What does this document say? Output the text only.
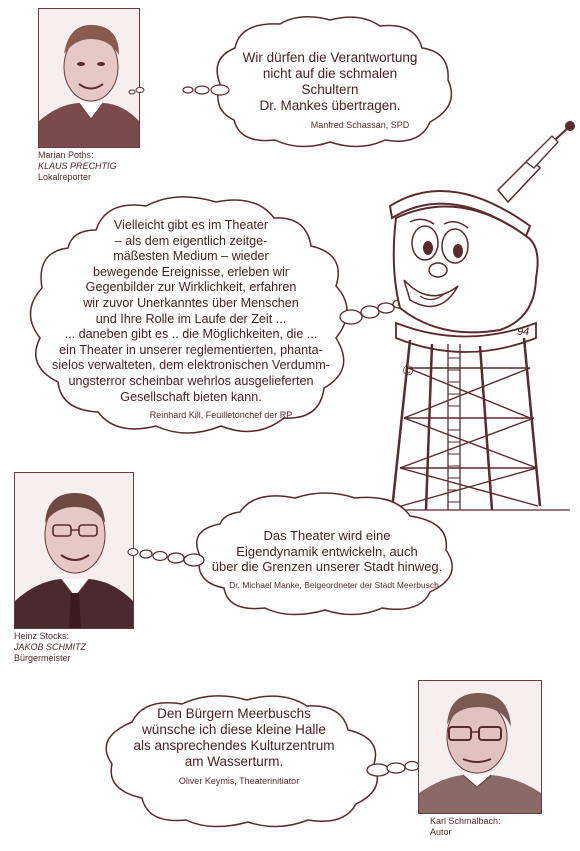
Marian Poths:
KLAUS PRECHTIG
Lokalreporter
Wir dürfen die Verantwortung
nicht auf die schmalen
Schultern
Dr. Mankes übertragen.
Manfred Schassan, SPD
Vielleicht gibt es im Theater
– als dem eigentlich zeitge-
mäßesten Medium – wieder
bewegende Ereignisse, erleben wir
Gegenbilder zur Wirklichkeit, erfahren
wir zuvor Unerkanntes über Menschen
und Ihre Rolle im Laufe der Zeit ...
... daneben gibt es .. die Möglichkeiten, die ...
ein Theater in unserer reglementierten, phanta-
sielos verwalteten, dem elektronischen Verdumm-
ungsterror scheinbar wehrlos ausgelieferten
Gesellschaft bieten kann.
Reinhard Kill, Feuilletonchef der RP
94
©
Heinz Stocks:
JAKOB SCHMITZ
Bürgermeister
Das Theater wird eine
Eigendynamik entwickeln, auch
über die Grenzen unserer Stadt hinweg.
Dr. Michael Manke, Beigeordneter der Stadt Meerbusch
Den Bürgern Meerbuschs
wünsche ich diese kleine Halle
als ansprechendes Kulturzentrum
am Wasserturm.
Oliver Keymis, Theaterinitiator
Karl Schmalbach:
Autor
